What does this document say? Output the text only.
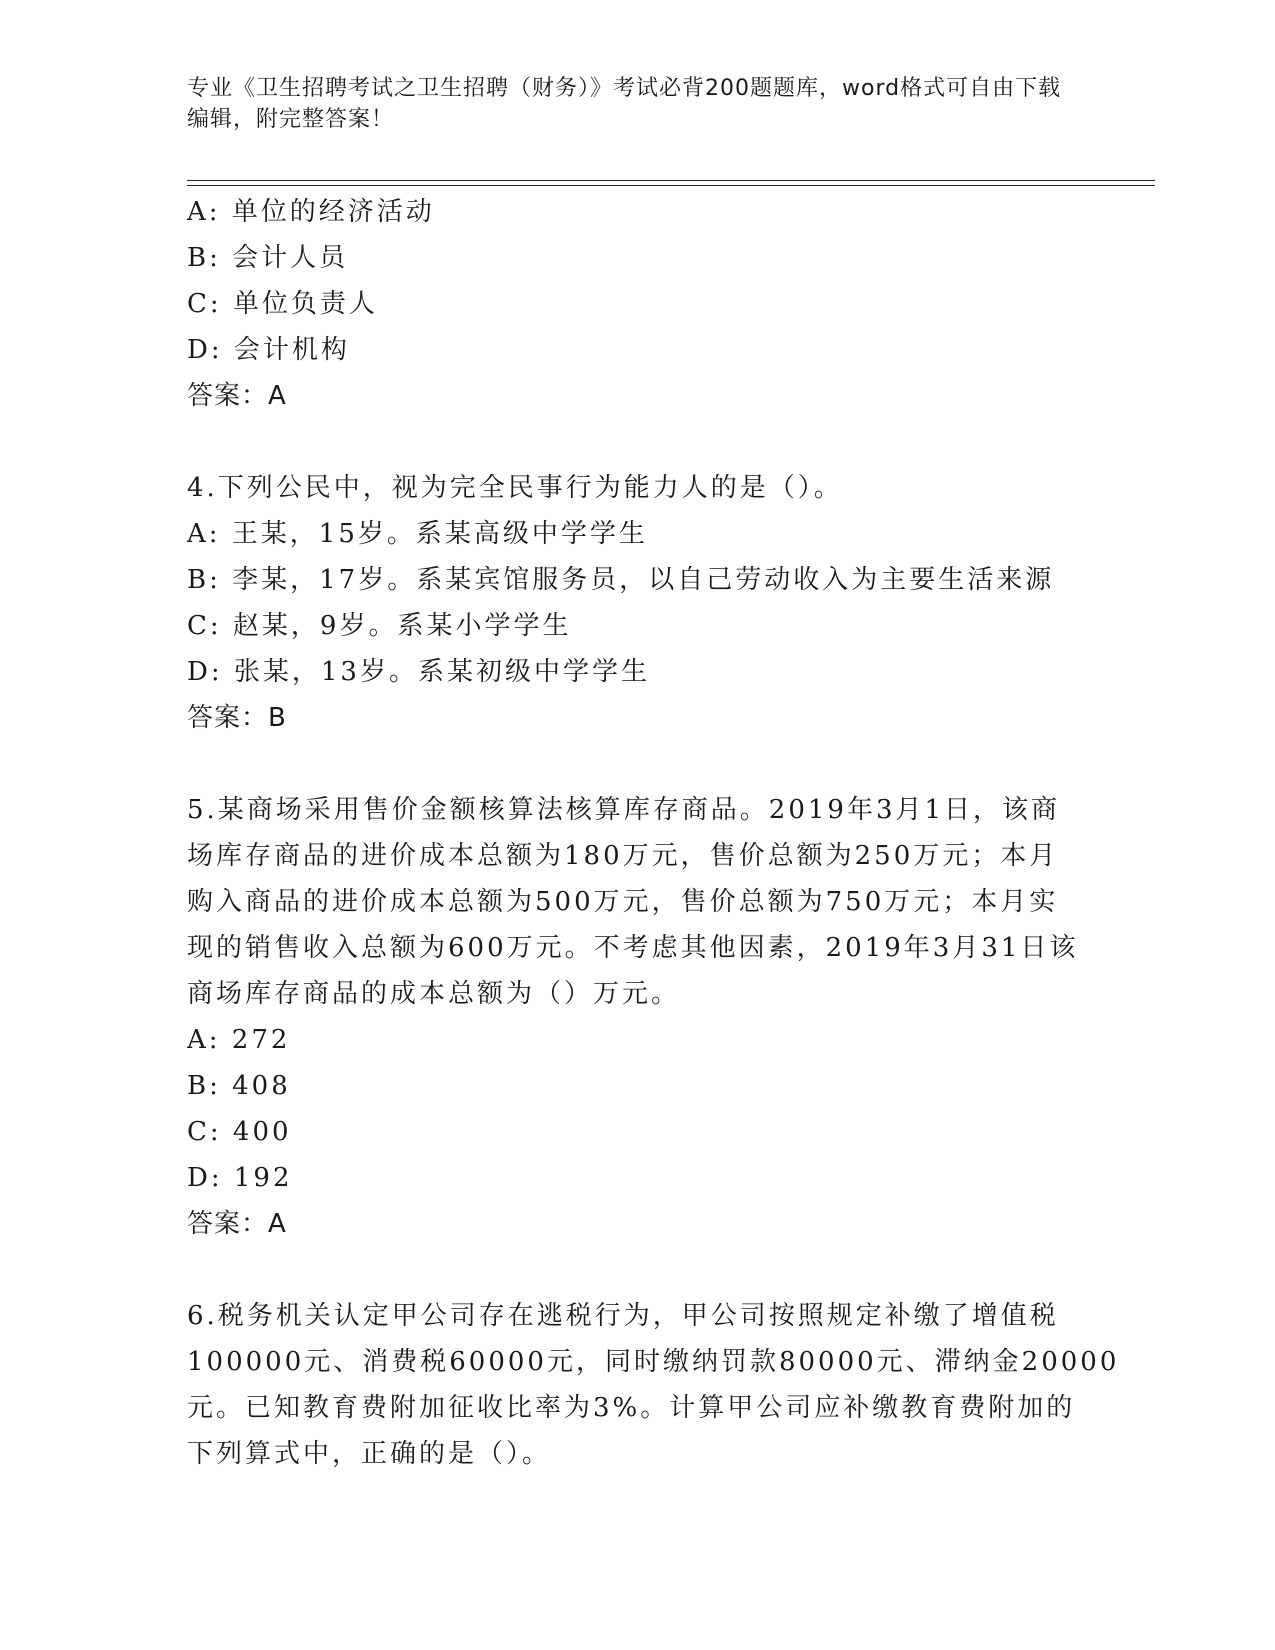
专业《卫生招聘考试之卫生招聘（财务）》考试必背200题题库，word格式可自由下载编辑，附完整答案！
A: 单位的经济活动
B: 会计人员
C: 单位负责人
D: 会计机构
答案：A
4.下列公民中，视为完全民事行为能力人的是（）。
A: 王某，15岁。系某高级中学学生
B: 李某，17岁。系某宾馆服务员，以自己劳动收入为主要生活来源
C: 赵某，9岁。系某小学学生
D: 张某，13岁。系某初级中学学生
答案：B
5.某商场采用售价金额核算法核算库存商品。2019年3月1日，该商
场库存商品的进价成本总额为180万元，售价总额为250万元；本月
购入商品的进价成本总额为500万元，售价总额为750万元；本月实
现的销售收入总额为600万元。不考虑其他因素，2019年3月31日该
商场库存商品的成本总额为（）万元。
A: 272
B: 408
C: 400
D: 192
答案：A
6.税务机关认定甲公司存在逃税行为，甲公司按照规定补缴了增值税
100000元、消费税60000元，同时缴纳罚款80000元、滞纳金20000
元。已知教育费附加征收比率为3%。计算甲公司应补缴教育费附加的
下列算式中，正确的是（）。
